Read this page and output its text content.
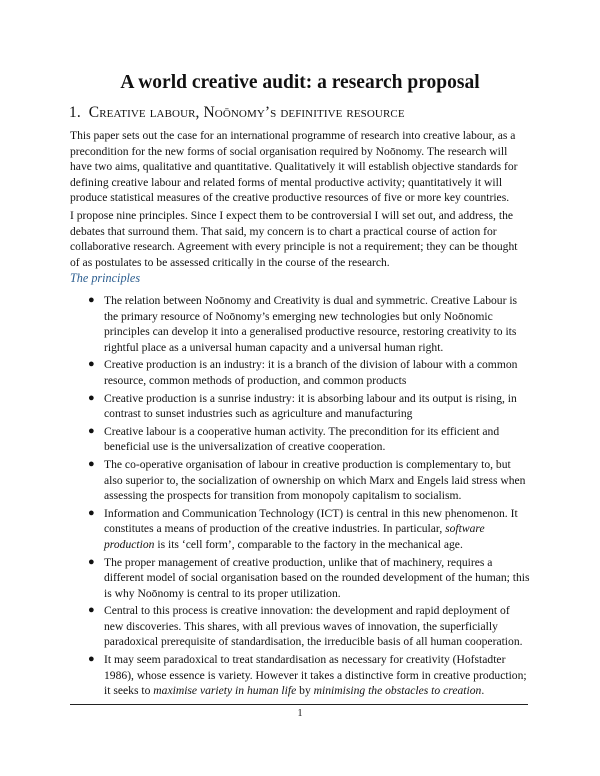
A world creative audit: a research proposal
1. Creative labour, Noōnomy’s definitive resource
This paper sets out the case for an international programme of research into creative labour, as a precondition for the new forms of social organisation required by Noōnomy. The research will have two aims, qualitative and quantitative. Qualitatively it will establish objective standards for defining creative labour and related forms of mental productive activity; quantitatively it will produce statistical measures of the creative productive resources of five or more key countries.
I propose nine principles. Since I expect them to be controversial I will set out, and address, the debates that surround them. That said, my concern is to chart a practical course of action for collaborative research. Agreement with every principle is not a requirement; they can be thought of as postulates to be assessed critically in the course of the research.
The principles
● The relation between Noōnomy and Creativity is dual and symmetric. Creative Labour is the primary resource of Noōnomy’s emerging new technologies but only Noōnomic principles can develop it into a generalised productive resource, restoring creativity to its rightful place as a universal human capacity and a universal human right.
● Creative production is an industry: it is a branch of the division of labour with a common resource, common methods of production, and common products
● Creative production is a sunrise industry: it is absorbing labour and its output is rising, in contrast to sunset industries such as agriculture and manufacturing
● Creative labour is a cooperative human activity. The precondition for its efficient and beneficial use is the universalization of creative cooperation.
● The co-operative organisation of labour in creative production is complementary to, but also superior to, the socialization of ownership on which Marx and Engels laid stress when assessing the prospects for transition from monopoly capitalism to socialism.
● Information and Communication Technology (ICT) is central in this new phenomenon. It constitutes a means of production of the creative industries. In particular, software production is its ‘cell form’, comparable to the factory in the mechanical age.
● The proper management of creative production, unlike that of machinery, requires a different model of social organisation based on the rounded development of the human; this is why Noōnomy is central to its proper utilization.
● Central to this process is creative innovation: the development and rapid deployment of new discoveries. This shares, with all previous waves of innovation, the superficially paradoxical prerequisite of standardisation, the irreducible basis of all human cooperation.
● It may seem paradoxical to treat standardisation as necessary for creativity (Hofstadter 1986), whose essence is variety. However it takes a distinctive form in creative production; it seeks to maximise variety in human life by minimising the obstacles to creation.
1
